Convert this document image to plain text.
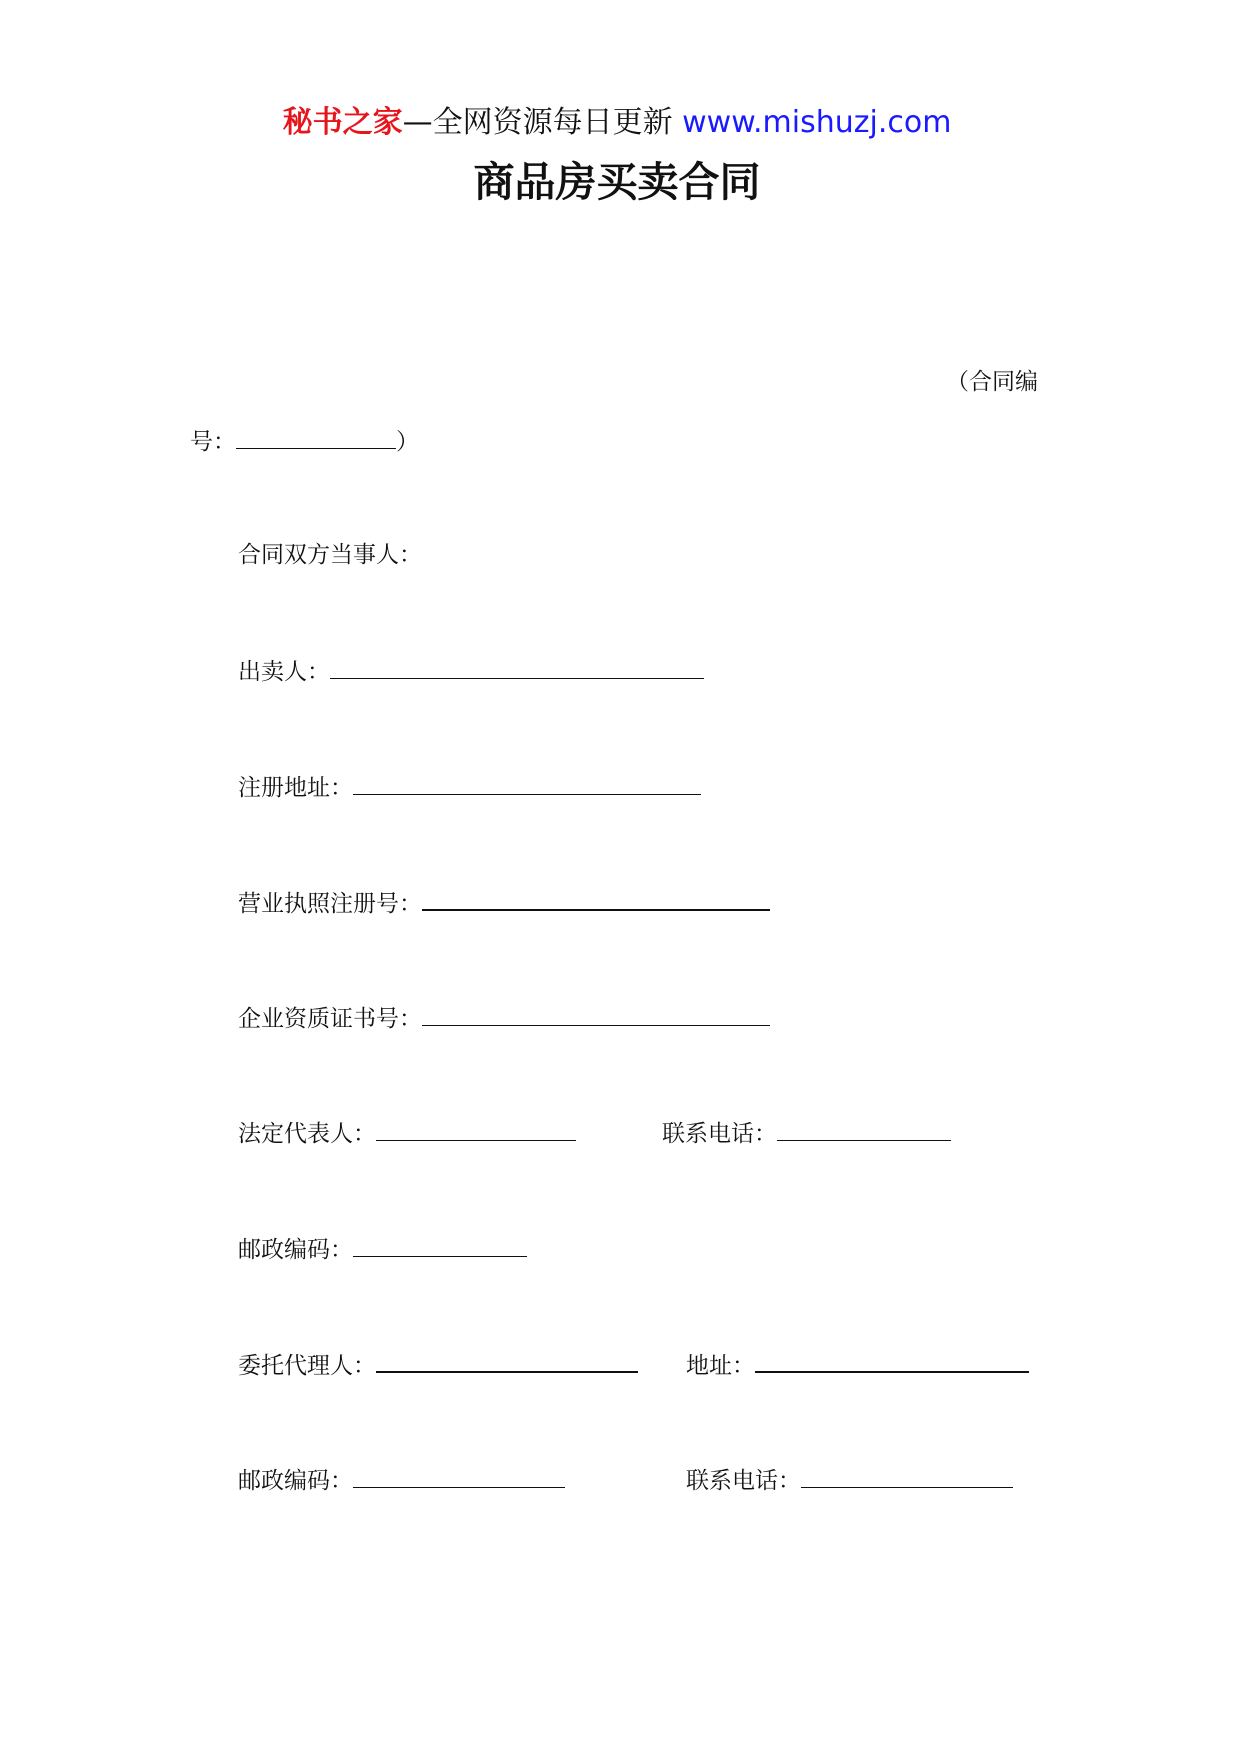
秘书之家—全网资源每日更新 www.mishuzj.com
商品房买卖合同
（合同编
号：	）
合同双方当事人：
出卖人：
注册地址：
营业执照注册号：
企业资质证书号：
法定代表人：	联系电话：
邮政编码：
委托代理人：	地址：
邮政编码：	联系电话：
